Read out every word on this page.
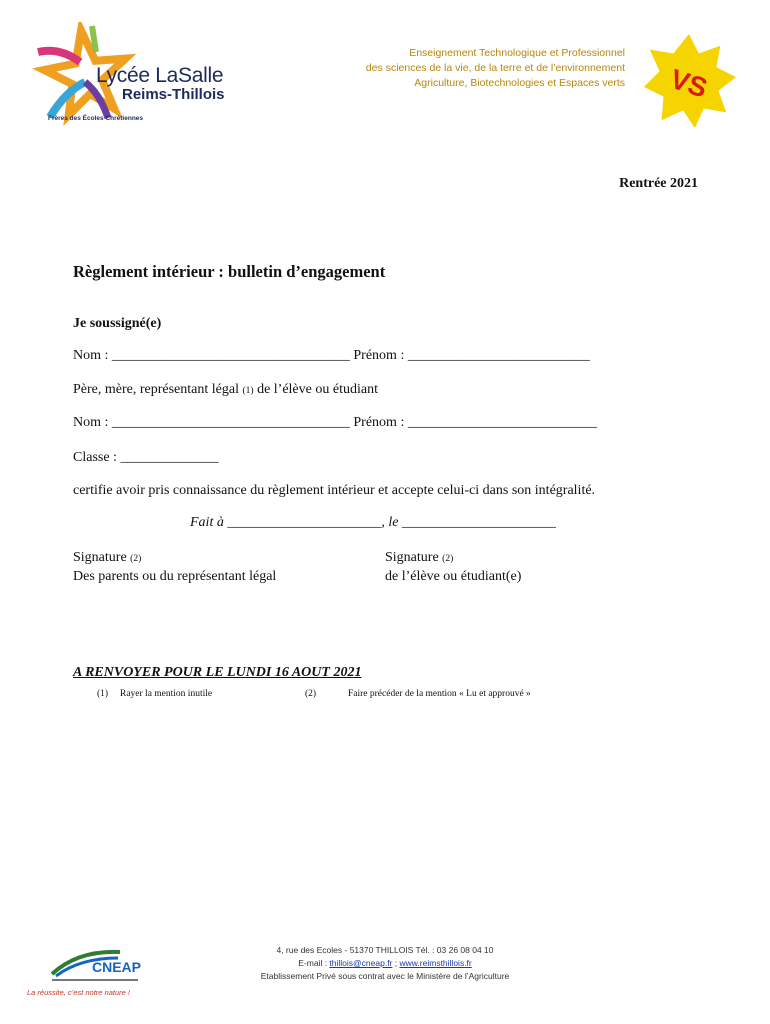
Lycée LaSalle
Reims-Thillois
Frères des Écoles Chrétiennes
Enseignement Technologique et Professionnel
des sciences de la vie, de la terre et de l’environnement
Agriculture, Biotechnologies et Espaces verts VS
Rentrée 2021
Règlement intérieur : bulletin d’engagement
Je soussigné(e)
Nom : __________________________________ Prénom : __________________________
Père, mère, représentant légal (1) de l’élève ou étudiant
Nom : __________________________________ Prénom : ___________________________
Classe : ______________
certifie avoir pris connaissance du règlement intérieur et accepte celui-ci dans son intégralité.
Fait à ______________________, le ______________________
Signature (2)
Des parents ou du représentant légal
Signature (2)
de l’élève ou étudiant(e)
A RENVOYER POUR LE LUNDI 16 AOUT 2021
(1) Rayer la mention inutile	(2)	Faire précéder de la mention « Lu et approuvé »
CNEAP
La réussite, c’est notre nature !
4, rue des Ecoles - 51370 THILLOIS Tél. : 03 26 08 04 10
E-mail : thillois@cneap.fr ; www.reimsthillois.fr
Etablissement Privé sous contrat avec le Ministère de l’Agriculture
